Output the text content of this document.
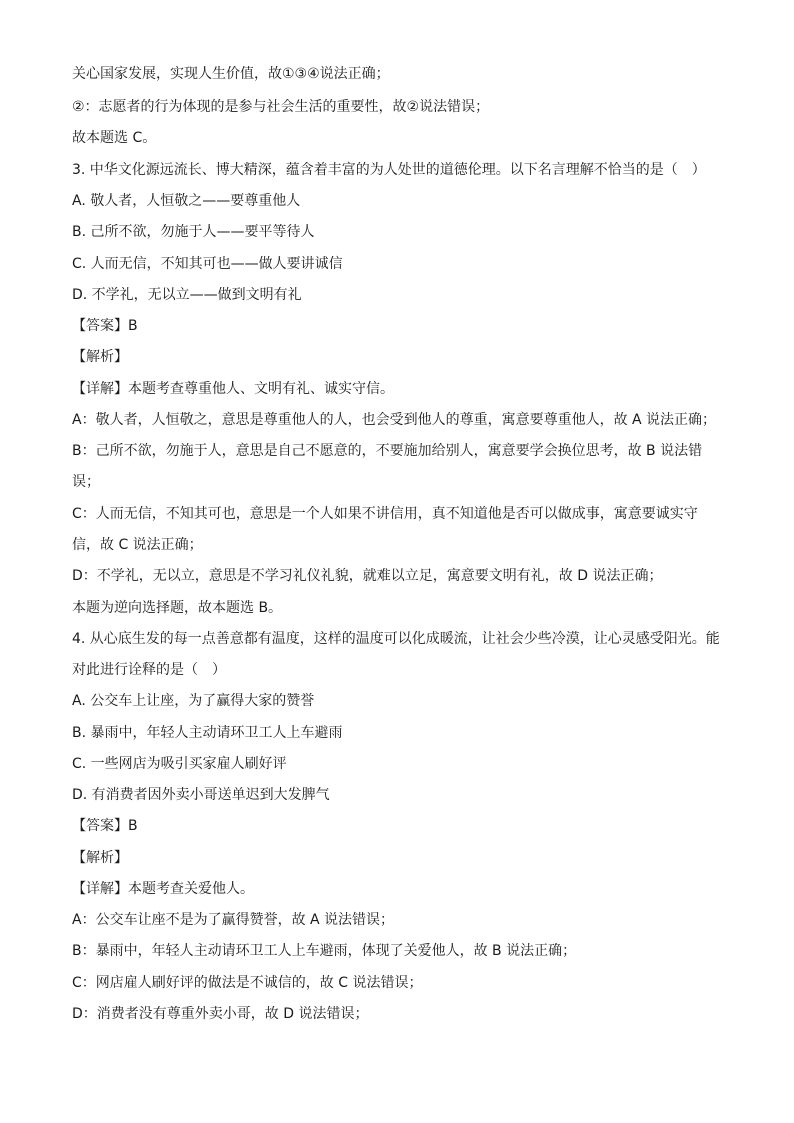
关心国家发展，实现人生价值，故①③④说法正确；
②：志愿者的行为体现的是参与社会生活的重要性，故②说法错误；
故本题选 C。
3. 中华文化源远流长、博大精深，蕴含着丰富的为人处世的道德伦理。以下名言理解不恰当的是（　）
A. 敬人者，人恒敬之——要尊重他人
B. 己所不欲，勿施于人——要平等待人
C. 人而无信，不知其可也——做人要讲诚信
D. 不学礼，无以立——做到文明有礼
【答案】B
【解析】
【详解】本题考查尊重他人、文明有礼、诚实守信。
A：敬人者，人恒敬之，意思是尊重他人的人，也会受到他人的尊重，寓意要尊重他人，故 A 说法正确；
B：己所不欲，勿施于人，意思是自己不愿意的，不要施加给别人，寓意要学会换位思考，故 B 说法错
误；
C：人而无信，不知其可也，意思是一个人如果不讲信用，真不知道他是否可以做成事，寓意要诚实守
信，故 C 说法正确；
D：不学礼，无以立，意思是不学习礼仪礼貌，就难以立足，寓意要文明有礼，故 D 说法正确；
本题为逆向选择题，故本题选 B。
4. 从心底生发的每一点善意都有温度，这样的温度可以化成暖流，让社会少些冷漠，让心灵感受阳光。能
对此进行诠释的是（　）
A. 公交车上让座，为了赢得大家的赞誉
B. 暴雨中，年轻人主动请环卫工人上车避雨
C. 一些网店为吸引买家雇人刷好评
D. 有消费者因外卖小哥送单迟到大发脾气
【答案】B
【解析】
【详解】本题考查关爱他人。
A：公交车让座不是为了赢得赞誉，故 A 说法错误；
B：暴雨中，年轻人主动请环卫工人上车避雨，体现了关爱他人，故 B 说法正确；
C：网店雇人刷好评的做法是不诚信的，故 C 说法错误；
D：消费者没有尊重外卖小哥，故 D 说法错误；
